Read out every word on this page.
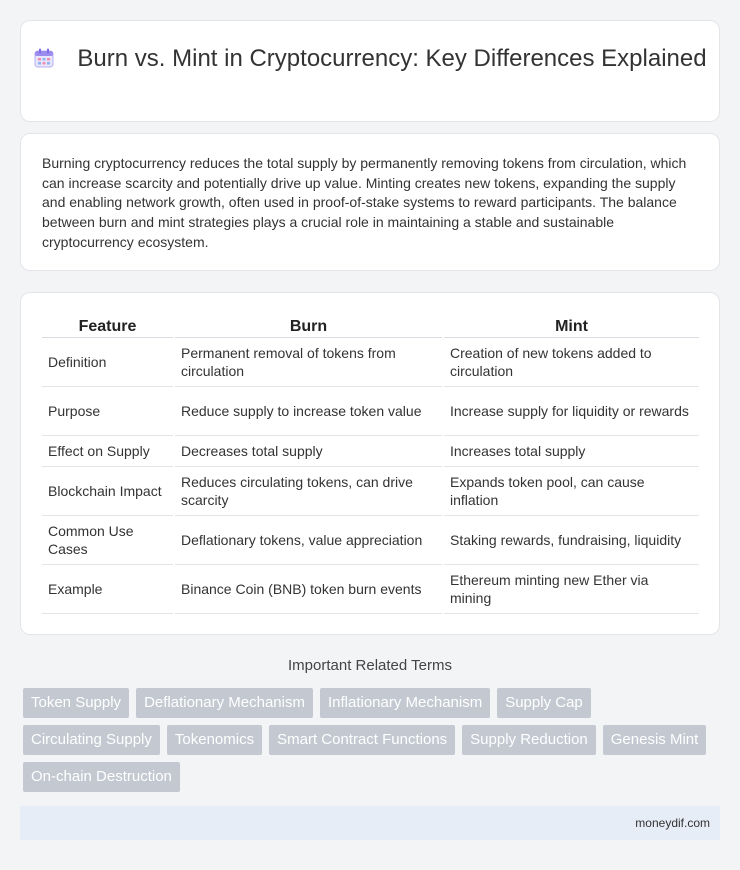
Burn vs. Mint in Cryptocurrency: Key Differences Explained

Burning cryptocurrency reduces the total supply by permanently removing tokens from circulation, which can increase scarcity and potentially drive up value. Minting creates new tokens, expanding the supply and enabling network growth, often used in proof-of-stake systems to reward participants. The balance between burn and mint strategies plays a crucial role in maintaining a stable and sustainable cryptocurrency ecosystem.

Feature	Burn	Mint
Definition	Permanent removal of tokens from circulation	Creation of new tokens added to circulation
Purpose	Reduce supply to increase token value	Increase supply for liquidity or rewards
Effect on Supply	Decreases total supply	Increases total supply
Blockchain Impact	Reduces circulating tokens, can drive scarcity	Expands token pool, can cause inflation
Common Use Cases	Deflationary tokens, value appreciation	Staking rewards, fundraising, liquidity
Example	Binance Coin (BNB) token burn events	Ethereum minting new Ether via mining
Important Related Terms
Token Supply	Deflationary Mechanism	Inflationary Mechanism	Supply Cap
Circulating Supply	Tokenomics	Smart Contract Functions	Supply Reduction	Genesis Mint
On-chain Destruction
moneydif.com
